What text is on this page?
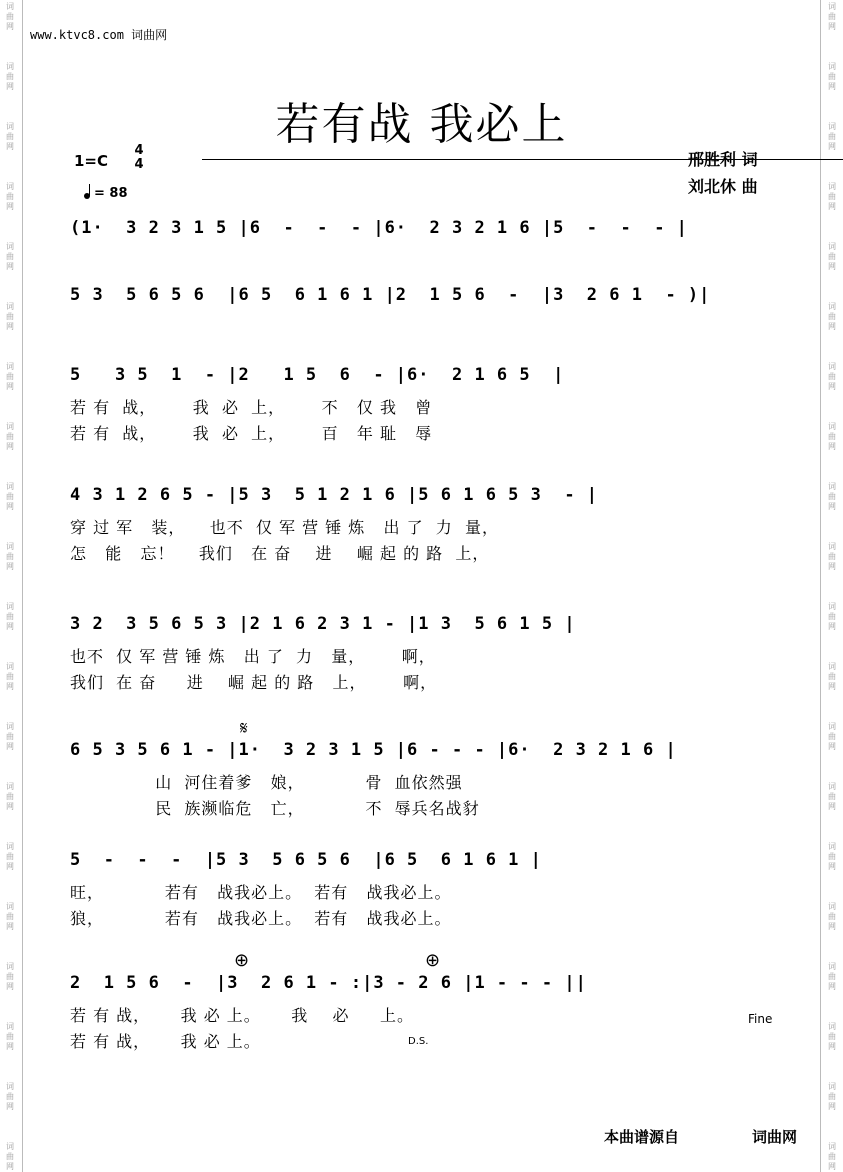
词
曲
网
词
曲
网
词
曲
网
词
曲
网
词
曲
网
词
曲
网
词
曲
网
词
曲
网
词
曲
网
词
曲
网
词
曲
网
词
曲
网
词
曲
网
词
曲
网
词
曲
网
词
曲
网
词
曲
网
词
曲
网
词
曲
网
词
曲
网
词
曲
网
词
曲
网
词
曲
网
词
曲
网
词
曲
网
词
曲
网
词
曲
网
词
曲
网
词
曲
网
词
曲
网
词
曲
网
词
曲
网
词
曲
网
词
曲
网
词
曲
网
词
曲
网
词
曲
网
词
曲
网
词
曲
网
词
曲
网
www.ktvc8.com 词曲网
若有战 我必上
1=C
4
4
= 88
邢胜利 词
刘北休 曲
(1·  3 2 3 1 5 |6  -  -  - |6·  2 3 2 1 6 |5  -  -  - |
5 3  5 6 5 6  |6 5  6 1 6 1 |2  1 5 6  -  |3  2 6 1  - )|
5   3 5  1  - |2   1 5  6  - |6·  2 1 6 5  |
若 有  战，      我  必  上，      不   仅 我   曾
若 有  战，      我  必  上，      百   年 耻   辱
4 3 1 2 6 5 - |5 3  5 1 2 1 6 |5 6 1 6 5 3  - |
穿 过 军   装，    也不  仅 军 营 锤 炼   出 了  力  量，
怎   能   忘！    我们   在 奋    进    崛 起 的 路  上，
3 2  3 5 6 5 3 |2 1 6 2 3 1 - |1 3  5 6 1 5 |
也不  仅 军 营 锤 炼   出 了  力   量，      啊，
我们  在 奋     进    崛 起 的 路   上，      啊，
6 5 3 5 6 1 - |1·  3 2 3 1 5 |6 - - - |6·  2 3 2 1 6 |
山  河住着爹   娘，          骨  血依然强
民  族濒临危   亡，          不  辱兵名战豺
5  -  -  -  |5 3  5 6 5 6  |6 5  6 1 6 1 |
旺，          若有   战我必上。  若有   战我必上。
狼，          若有   战我必上。  若有   战我必上。
2  1 5 6  -  |3  2 6 1 - :|3 - 2 6 |1 - - - ||
若 有 战，     我 必 上。     我    必     上。
若 有 战，     我 必 上。
𝄋
⊕	⊕
Fine
D.S.
本曲谱源自	词曲网
